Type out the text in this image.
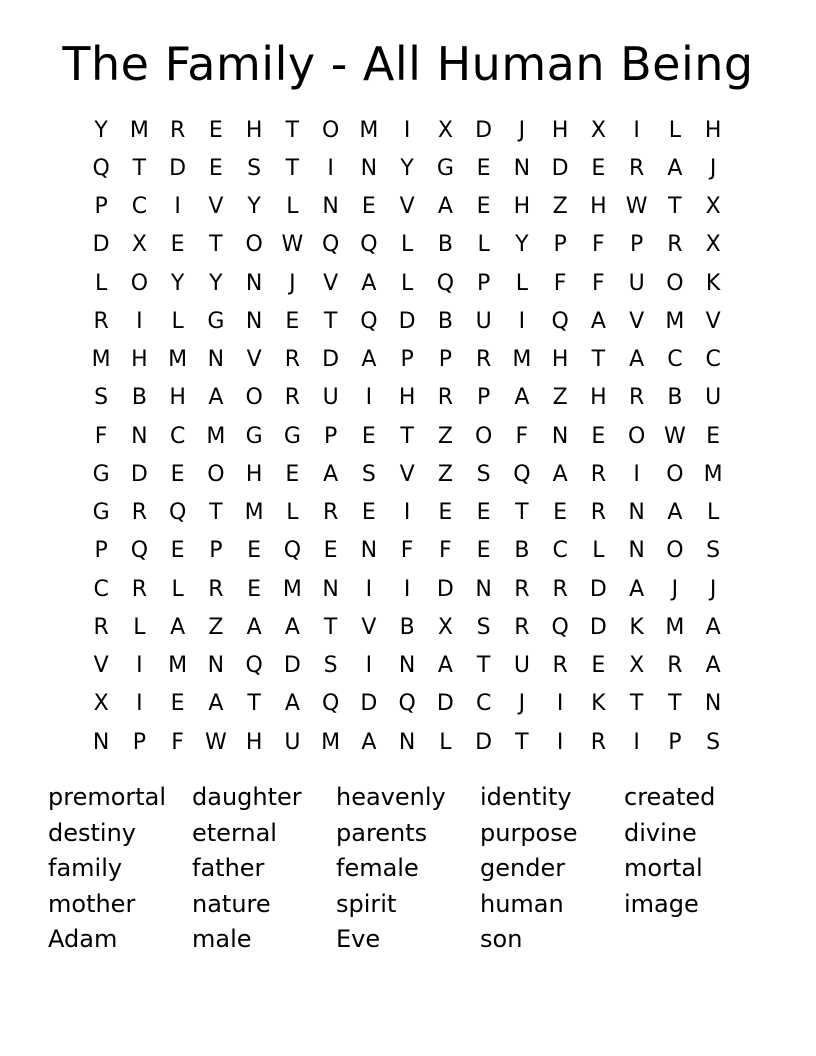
The Family - All Human Being
Y	M R	E	H	T	O M	I	X	D	J	H	X	I	L	H
Q	T	D	E	S	T	I	N	Y	G	E	N D	E	R	A	J
P	C	I	V	Y	L	N	E	V	A	E	H	Z	H W T	X
D	X	E	T	O W Q Q	L	B	L	Y	P	F	P	R	X
L	O	Y	Y	N	J	V	A	L	Q	P	L	F	F	U O	K
R	I	L	G N	E	T	Q D	B	U	I	Q	A	V M V
M H M N	V	R	D	A	P	P	R M H	T	A	C	C
S	B	H	A	O R	U	I	H	R	P	A	Z	H	R	B	U
F	N	C M G G	P	E	T	Z	O	F	N	E	O W E
G D	E	O H	E	A	S	V	Z	S	Q	A	R	I	O M
G	R Q	T	M	L	R	E	I	E	E	T	E	R	N	A	L
P	Q	E	P	E	Q	E	N	F	F	E	B	C	L	N O	S
C	R	L	R	E M N	I	I	D N	R	R	D	A	J	J
R	L	A	Z	A	A	T	V	B	X	S	R Q D	K M A
V	I	M N Q D	S	I	N	A	T	U	R	E	X	R	A
X	I	E	A	T	A	Q D Q D	C	J	I	K	T	T	N
N	P	F W H U M A	N	L	D	T	I	R	I	P	S
premortal	daughter	heavenly	identity	created
destiny	eternal	parents	purpose	divine
family	father	female	gender	mortal
mother	nature	spirit	human	image
Adam	male	Eve	son
